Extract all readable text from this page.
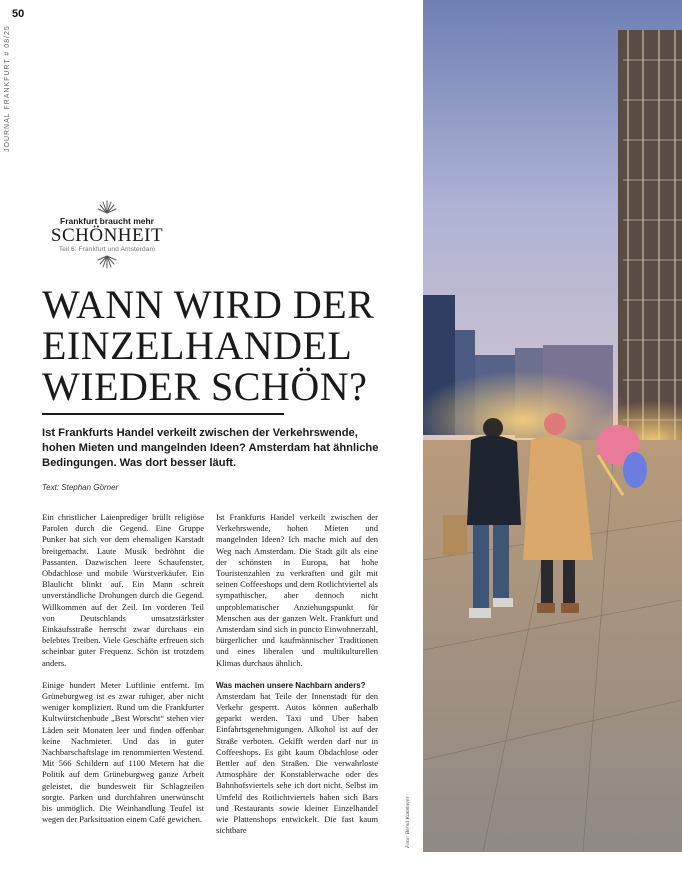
50
JOURNAL FRANKFURT # 08/25
Frankfurt braucht mehr
SCHÖNHEIT
Teil 6: Frankfurt und Amsterdam
WANN WIRD DER
EINZELHANDEL
WIEDER SCHÖN?

Ist Frankfurts Handel verkeilt zwischen der Verkehrswende, hohen Mieten und mangelnden Ideen? Amsterdam hat ähnliche Bedingungen. Was dort besser läuft.

Text: Stephan Görner

Ein christlicher Laienprediger brüllt religiöse Parolen durch die Gegend. Eine Gruppe Punker hat sich vor dem ehemaligen Karstadt breitgemacht. Laute Musik bedröhnt die Passanten. Dazwischen leere Schaufenster, Obdachlose und mobile Wurstverkäufer. Ein Blaulicht blinkt auf. Ein Mann schreit unverständliche Drohungen durch die Gegend. Willkommen auf der Zeil. Im vorderen Teil von Deutschlands umsatzstärkster Einkaufsstraße herrscht zwar durchaus ein belebtes Treiben. Viele Geschäfte erfreuen sich scheinbar guter Frequenz. Schön ist trotzdem anders.

Einige hundert Meter Luftlinie entfernt. Im Grüneburgweg ist es zwar ruhiger, aber nicht weniger kompliziert. Rund um die Frankfurter Kultwürstchenbude „Best Worscht“ stehen vier Läden seit Monaten leer und finden offenbar keine Nachmieter. Und das in guter Nachbarschaftslage im renommierten Westend. Mit 566 Schildern auf 1100 Metern hat die Politik auf dem Grüneburgweg ganze Arbeit geleistet, die bundesweit für Schlagzeilen sorgte. Parken und durchfahren unerwünscht bis unmöglich. Die Weinhandlung Teufel ist wegen der Parksituation einem Café gewichen.

Ist Frankfurts Handel verkeilt zwischen der Verkehrswende, hohen Mieten und mangelnden Ideen? Ich mache mich auf den Weg nach Amsterdam. Die Stadt gilt als eine der schönsten in Europa, hat hohe Touristenzahlen zu verkraften und gilt mit seinen Coffeeshops und dem Rotlichtviertel als sympathischer, aber dennoch nicht unproblematischer Anziehungspunkt für Menschen aus der ganzen Welt. Frankfurt und Amsterdam sind sich in puncto Einwohnerzahl, bürgerlicher und kaufmännischer Traditionen und eines liberalen und multikulturellen Klimas durchaus ähnlich.

Was machen unsere Nachbarn anders?

Amsterdam hat Teile der Innenstadt für den Verkehr gesperrt. Autos können außerhalb geparkt werden. Taxi und Uber haben Einfahrtsgenehmigungen. Alkohol ist auf der Straße verboten. Gekifft werden darf nur in Coffeeshops. Es gibt kaum Obdachlose oder Bettler auf den Straßen. Die verwahrloste Atmosphäre der Konstablerwache oder des Bahnhofsviertels sehe ich dort nicht. Selbst im Umfeld des Rotlichtviertels haben sich Bars und Restaurants sowie kleiner Einzelhandel wie Plattenshops entwickelt. Die fast kaum sichtbare	Foto: Bernd Kammerer
